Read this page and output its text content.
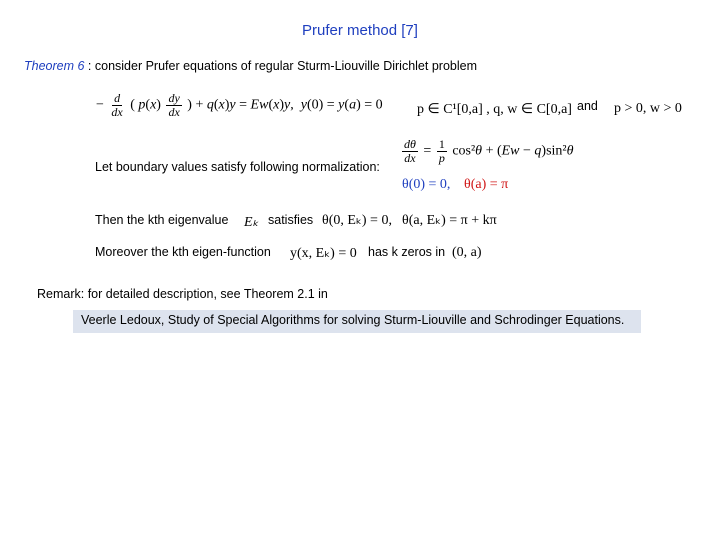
Prufer method [7]
Theorem 6 : consider Prufer equations of regular Sturm-Liouville Dirichlet problem
− $\frac{d}{dx}$ ( $p(x) \frac{dy}{dx}$ ) + q(x)y = Ew(x)y,  y(0) = y(a) = 0 p ∈ C¹[0,a] , q, w ∈ C[0,a] and p > 0, w > 0
Let boundary values satisfy following normalization:
$\frac{d\theta}{dx} = \frac{1}{p} \cos^2\theta + (Ew - q)\sin^2\theta$
θ(0) = 0, θ(a) = π
Then the kth eigenvalue Eₖ satisfies θ(0, Eₖ) = 0, θ(a, Eₖ) = π + kπ
Moreover the kth eigen-function y(x, Eₖ) = 0 has k zeros in (0, a)
Remark: for detailed description, see Theorem 2.1 in
Veerle Ledoux, Study of Special Algorithms for solving Sturm-Liouville and Schrodinger Equations.
